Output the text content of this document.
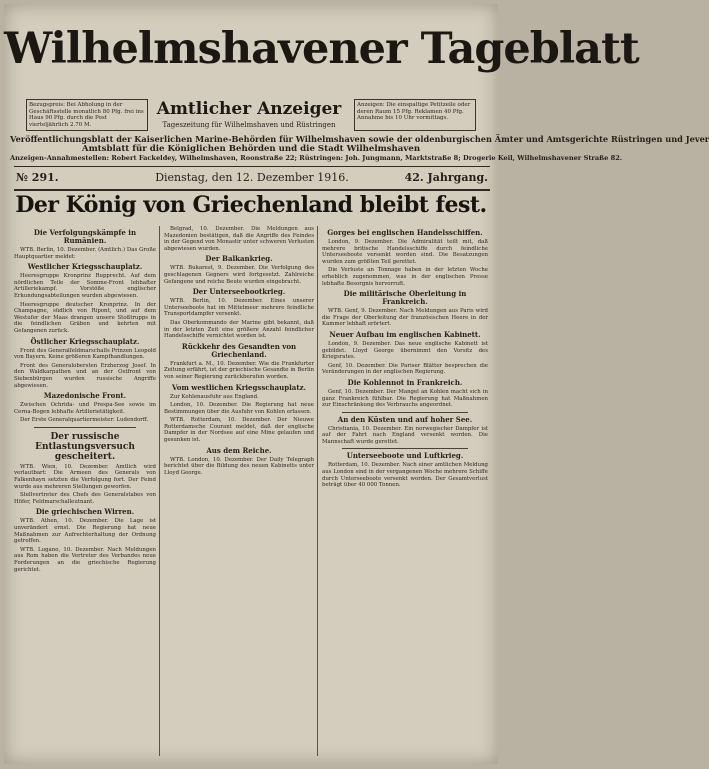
Wilhelmshavener Tageblatt
Bezugspreis: Bei Abholung in der Geschäftsstelle monatlich 80 Pfg. frei ins Haus 90 Pfg. durch die Post vierteljährlich 2.70 M.
Amtlicher Anzeiger
Tageszeitung für Wilhelmshaven und Rüstringen
Anzeigen: Die einspaltige Petitzeile oder deren Raum 15 Pfg. Reklamen 40 Pfg. Annahme bis 10 Uhr vormittags.
Veröffentlichungsblatt der Kaiserlichen Marine-Behörden für Wilhelmshaven sowie der oldenburgischen Ämter und Amtsgerichte Rüstringen und Jever
Amtsblatt für die Königlichen Behörden und die Stadt Wilhelmshaven
Anzeigen-Annahmestellen: Robert Fackeldey, Wilhelmshaven, Roonstraße 22; Rüstringen: Joh. Jungmann, Marktstraße 8; Drogerie Keil, Wilhelmshavener Straße 82.
№ 291.	Dienstag, den 12. Dezember 1916.	42. Jahrgang.
Der König von Griechenland bleibt fest.
Die Verfolgungskämpfe in Rumänien.

WTB. Berlin, 10. Dezember. (Amtlich.) Das Große Hauptquartier meldet:

Westlicher Kriegsschauplatz.

Heeresgruppe Kronprinz Rupprecht. Auf dem nördlichen Teile der Somme-Front lebhafter Artilleriekampf. Vorstöße englischer Erkundungsabteilungen wurden abgewiesen.

Heeresgruppe deutscher Kronprinz. In der Champagne, südlich von Ripont, und auf dem Westufer der Maas drangen unsere Stoßtrupps in die feindlichen Gräben und kehrten mit Gefangenen zurück.

Östlicher Kriegsschauplatz.

Front des Generalfeldmarschalls Prinzen Leopold von Bayern. Keine größeren Kampfhandlungen.

Front des Generalobersten Erzherzog Josef. In den Waldkarpathen und an der Ostfront von Siebenbürgen wurden russische Angriffe abgewiesen.

Mazedonische Front.

Zwischen Ochrida- und Prespa-See sowie im Cerna-Bogen lebhafte Artillerietätigkeit.

Der Erste Generalquartiermeister: Ludendorff.

Der russische Entlastungsversuch gescheitert.

WTB. Wien, 10. Dezember. Amtlich wird verlautbart: Die Armeen des Generals von Falkenhayn setzten die Verfolgung fort. Der Feind wurde aus mehreren Stellungen geworfen.

Stellvertreter des Chefs des Generalstabes von Höfer, Feldmarschalleutnant.

Die griechischen Wirren.

WTB. Athen, 10. Dezember. Die Lage ist unverändert ernst. Die Regierung hat neue Maßnahmen zur Aufrechterhaltung der Ordnung getroffen.

WTB. Lugano, 10. Dezember. Nach Meldungen aus Rom haben die Vertreter des Verbandes neue Forderungen an die griechische Regierung gerichtet.

Belgrad, 10. Dezember. Die Meldungen aus Mazedonien bestätigen, daß die Angriffe des Feindes in der Gegend von Monastir unter schweren Verlusten abgewiesen wurden.

Der Balkankrieg.

WTB. Bukarest, 9. Dezember. Die Verfolgung des geschlagenen Gegners wird fortgesetzt. Zahlreiche Gefangene und reiche Beute wurden eingebracht.

Der Unterseebootkrieg.

WTB. Berlin, 10. Dezember. Eines unserer Unterseeboote hat im Mittelmeer mehrere feindliche Transportdampfer versenkt.

Das Oberkommando der Marine gibt bekannt, daß in der letzten Zeit eine größere Anzahl feindlicher Handelsschiffe vernichtet worden ist.

Rückkehr des Gesandten von Griechenland.

Frankfurt a. M., 10. Dezember. Wie die Frankfurter Zeitung erfährt, ist der griechische Gesandte in Berlin von seiner Regierung zurückberufen worden.

Vom westlichen Kriegsschauplatz.

Zur Kohlenausfuhr aus England.

London, 10. Dezember. Die Regierung hat neue Bestimmungen über die Ausfuhr von Kohlen erlassen.

WTB. Rotterdam, 10. Dezember. Der Nieuwe Rotterdamsche Courant meldet, daß der englische Dampfer in der Nordsee auf eine Mine gelaufen und gesunken ist.

Aus dem Reiche.

WTB. London, 10. Dezember. Der Daily Telegraph berichtet über die Bildung des neuen Kabinetts unter Lloyd George.

Gorges bei englischen Handelsschiffen.

London, 9. Dezember. Die Admiralität teilt mit, daß mehrere britische Handelsschiffe durch feindliche Unterseeboote versenkt worden sind. Die Besatzungen wurden zum größten Teil gerettet.

Die Verluste an Tonnage haben in der letzten Woche erheblich zugenommen, was in der englischen Presse lebhafte Besorgnis hervorruft.

Die militärische Oberleitung in Frankreich.

WTB. Genf, 9. Dezember. Nach Meldungen aus Paris wird die Frage der Oberleitung der französischen Heere in der Kammer lebhaft erörtert.

Neuer Aufbau im englischen Kabinett.

London, 9. Dezember. Das neue englische Kabinett ist gebildet. Lloyd George übernimmt den Vorsitz des Kriegsrates.

Genf, 10. Dezember. Die Pariser Blätter besprechen die Veränderungen in der englischen Regierung.

Die Kohlennot in Frankreich.

Genf, 10. Dezember. Der Mangel an Kohlen macht sich in ganz Frankreich fühlbar. Die Regierung hat Maßnahmen zur Einschränkung des Verbrauchs angeordnet.

An den Küsten und auf hoher See.

Christiania, 10. Dezember. Ein norwegischer Dampfer ist auf der Fahrt nach England versenkt worden. Die Mannschaft wurde gerettet.

Unterseeboote und Luftkrieg.

Rotterdam, 10. Dezember. Nach einer amtlichen Meldung aus London sind in der vergangenen Woche mehrere Schiffe durch Unterseeboote versenkt worden. Der Gesamtverlust beträgt über 40 000 Tonnen.
